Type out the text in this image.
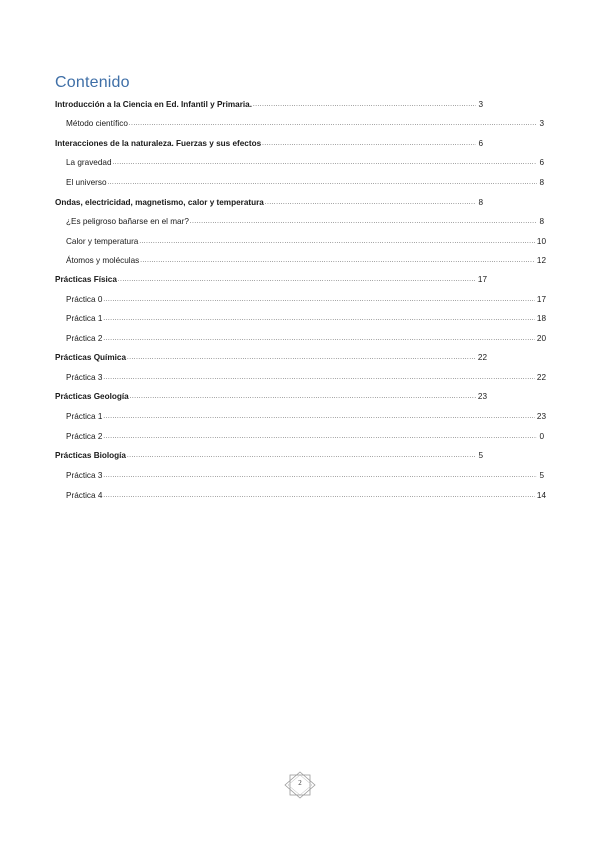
Contenido
Introducción a la Ciencia en Ed. Infantil y Primaria. .....	3
Método científico .....	3
Interacciones de la naturaleza. Fuerzas y sus efectos .....	6
La gravedad .....	6
El universo .....	8
Ondas, electricidad, magnetismo, calor y temperatura .....	8
¿Es peligroso bañarse en el mar? .....	8
Calor y temperatura .....	10
Átomos y moléculas .....	12
Prácticas Física .....	17
Práctica 0 .....	17
Práctica 1 .....	18
Práctica 2 .....	20
Prácticas Química .....	22
Práctica 3 .....	22
Prácticas Geología .....	23
Práctica 1 .....	23
Práctica 2 .....	0
Prácticas Biología .....	5
Práctica 3 .....	5
Práctica 4 .....	14
2
